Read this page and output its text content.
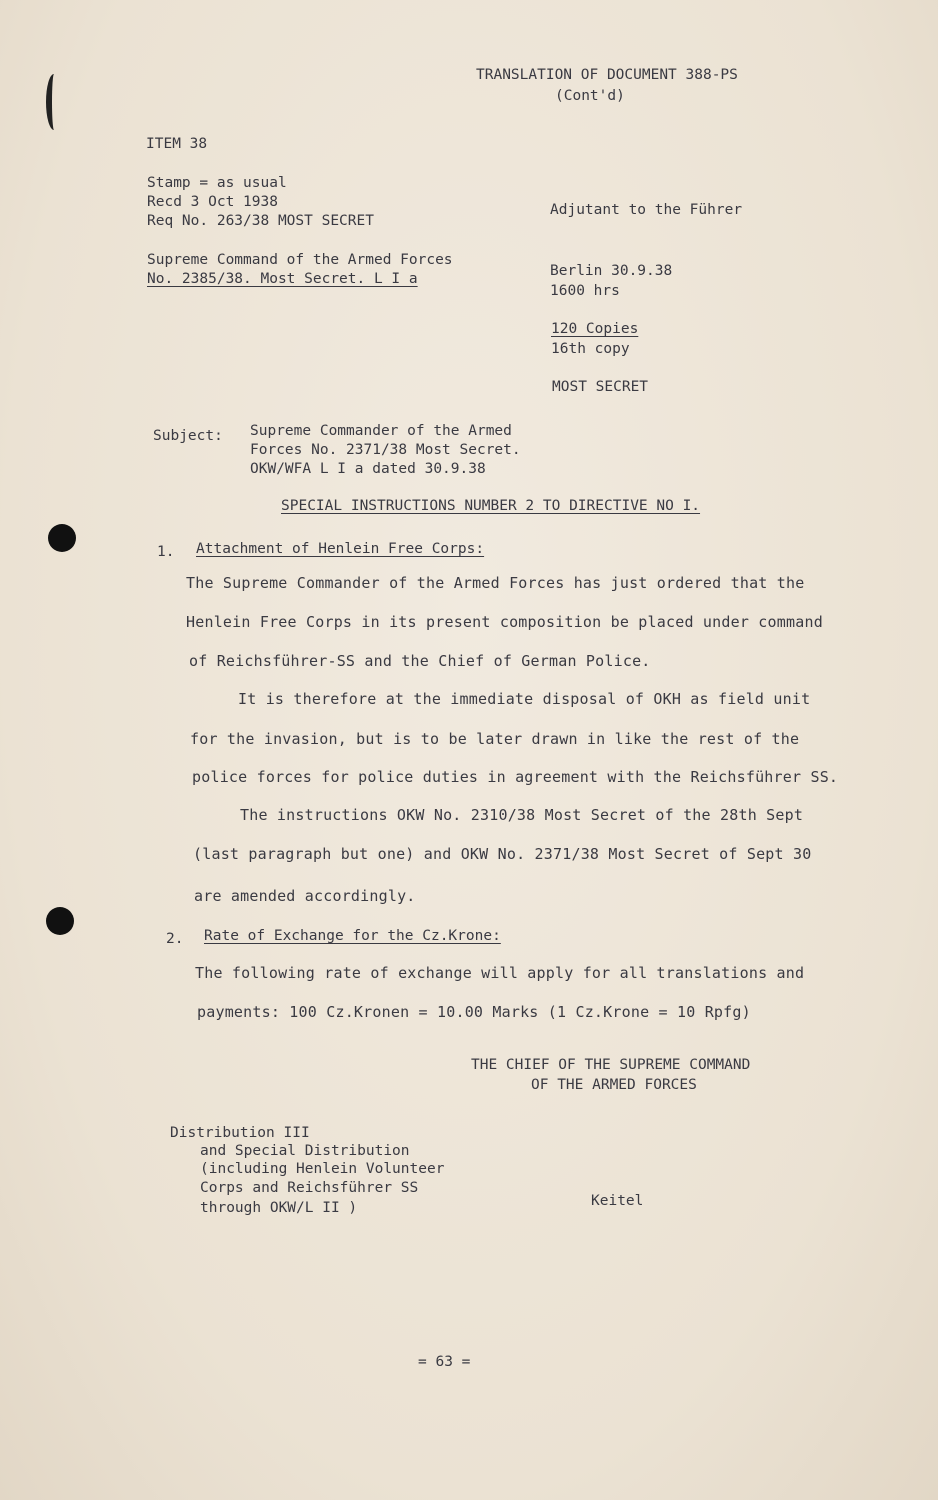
TRANSLATION OF DOCUMENT 388-PS
(Cont'd)
ITEM 38
Stamp = as usual
Recd 3 Oct 1938
Req No. 263/38 MOST SECRET
Adjutant to the Führer
Supreme Command of the Armed Forces
No. 2385/38. Most Secret. L I a	Berlin 30.9.38
1600 hrs
120 Copies
16th copy
MOST SECRET
Subject: Supreme Commander of the Armed
Forces No. 2371/38 Most Secret.
OKW/WFA L I a dated 30.9.38
SPECIAL INSTRUCTIONS NUMBER 2 TO DIRECTIVE NO I.
1. Attachment of Henlein Free Corps:
The Supreme Commander of the Armed Forces has just ordered that the
Henlein Free Corps in its present composition be placed under command
of Reichsführer-SS and the Chief of German Police.
It is therefore at the immediate disposal of OKH as field unit
for the invasion, but is to be later drawn in like the rest of the
police forces for police duties in agreement with the Reichsführer SS.
The instructions OKW No. 2310/38 Most Secret of the 28th Sept
(last paragraph but one) and OKW No. 2371/38 Most Secret of Sept 30
are amended accordingly.
2. Rate of Exchange for the Cz.Krone:
The following rate of exchange will apply for all translations and
payments: 100 Cz.Kronen = 10.00 Marks (1 Cz.Krone = 10 Rpfg)
THE CHIEF OF THE SUPREME COMMAND
OF THE ARMED FORCES
Distribution III
and Special Distribution
(including Henlein Volunteer
Corps and Reichsführer SS
through OKW/L II )	Keitel
= 63 =
